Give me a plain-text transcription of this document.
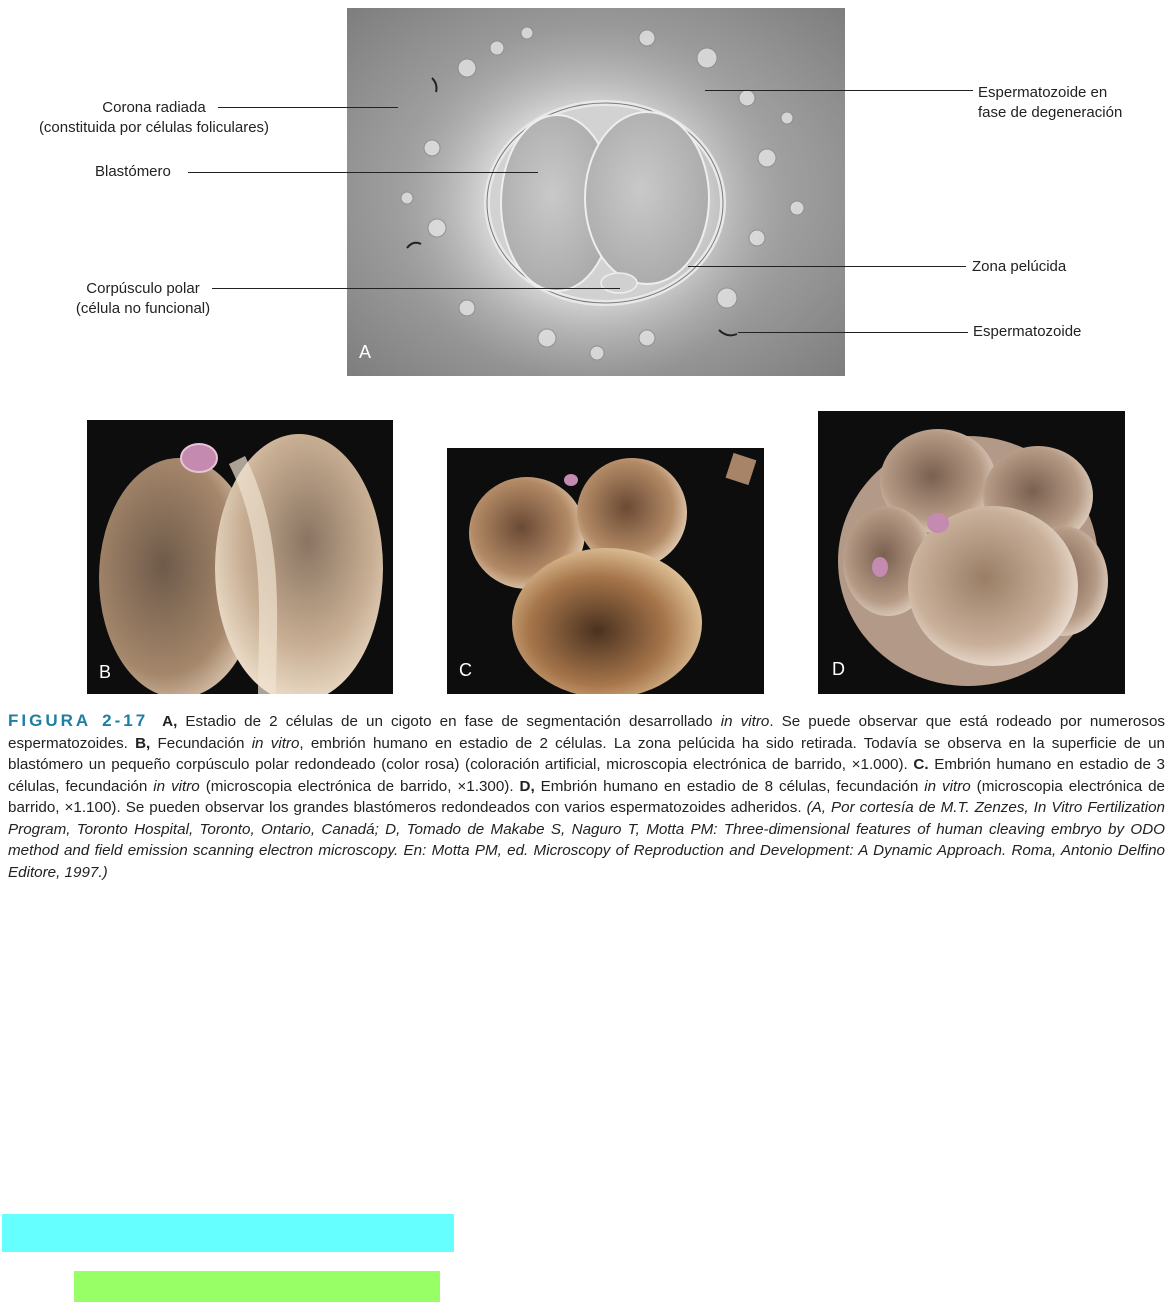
A
Corona radiada
(constituida por células foliculares)
Blastómero
Corpúsculo polar
(célula no funcional)
Espermatozoide en
fase de degeneración
Zona pelúcida
Espermatozoide
B	C	D
FIGURA 2-17 A, Estadio de 2 células de un cigoto en fase de segmentación desarrollado in vitro. Se puede observar que está rodeado por numerosos espermatozoides. B, Fecundación in vitro, embrión humano en estadio de 2 células. La zona pelúcida ha sido retirada. Todavía se observa en la superficie de un blastómero un pequeño corpúsculo polar redondeado (color rosa) (coloración artificial, microscopia electrónica de barrido, ×1.000). C. Embrión humano en estadio de 3 células, fecundación in vitro (microscopia electrónica de barrido, ×1.300). D, Embrión humano en estadio de 8 células, fecundación in vitro (microscopia electrónica de barrido, ×1.100). Se pueden observar los grandes blastómeros redondeados con varios espermatozoides adheridos. (A, Por cortesía de M.T. Zenzes, In Vitro Fertilization Program, Toronto Hospital, Toronto, Ontario, Canadá; D, Tomado de Makabe S, Naguro T, Motta PM: Three-dimensional features of human cleaving embryo by ODO method and field emission scanning electron microscopy. En: Motta PM, ed. Microscopy of Reproduction and Development: A Dynamic Approach. Roma, Antonio Delfino Editore, 1997.)
